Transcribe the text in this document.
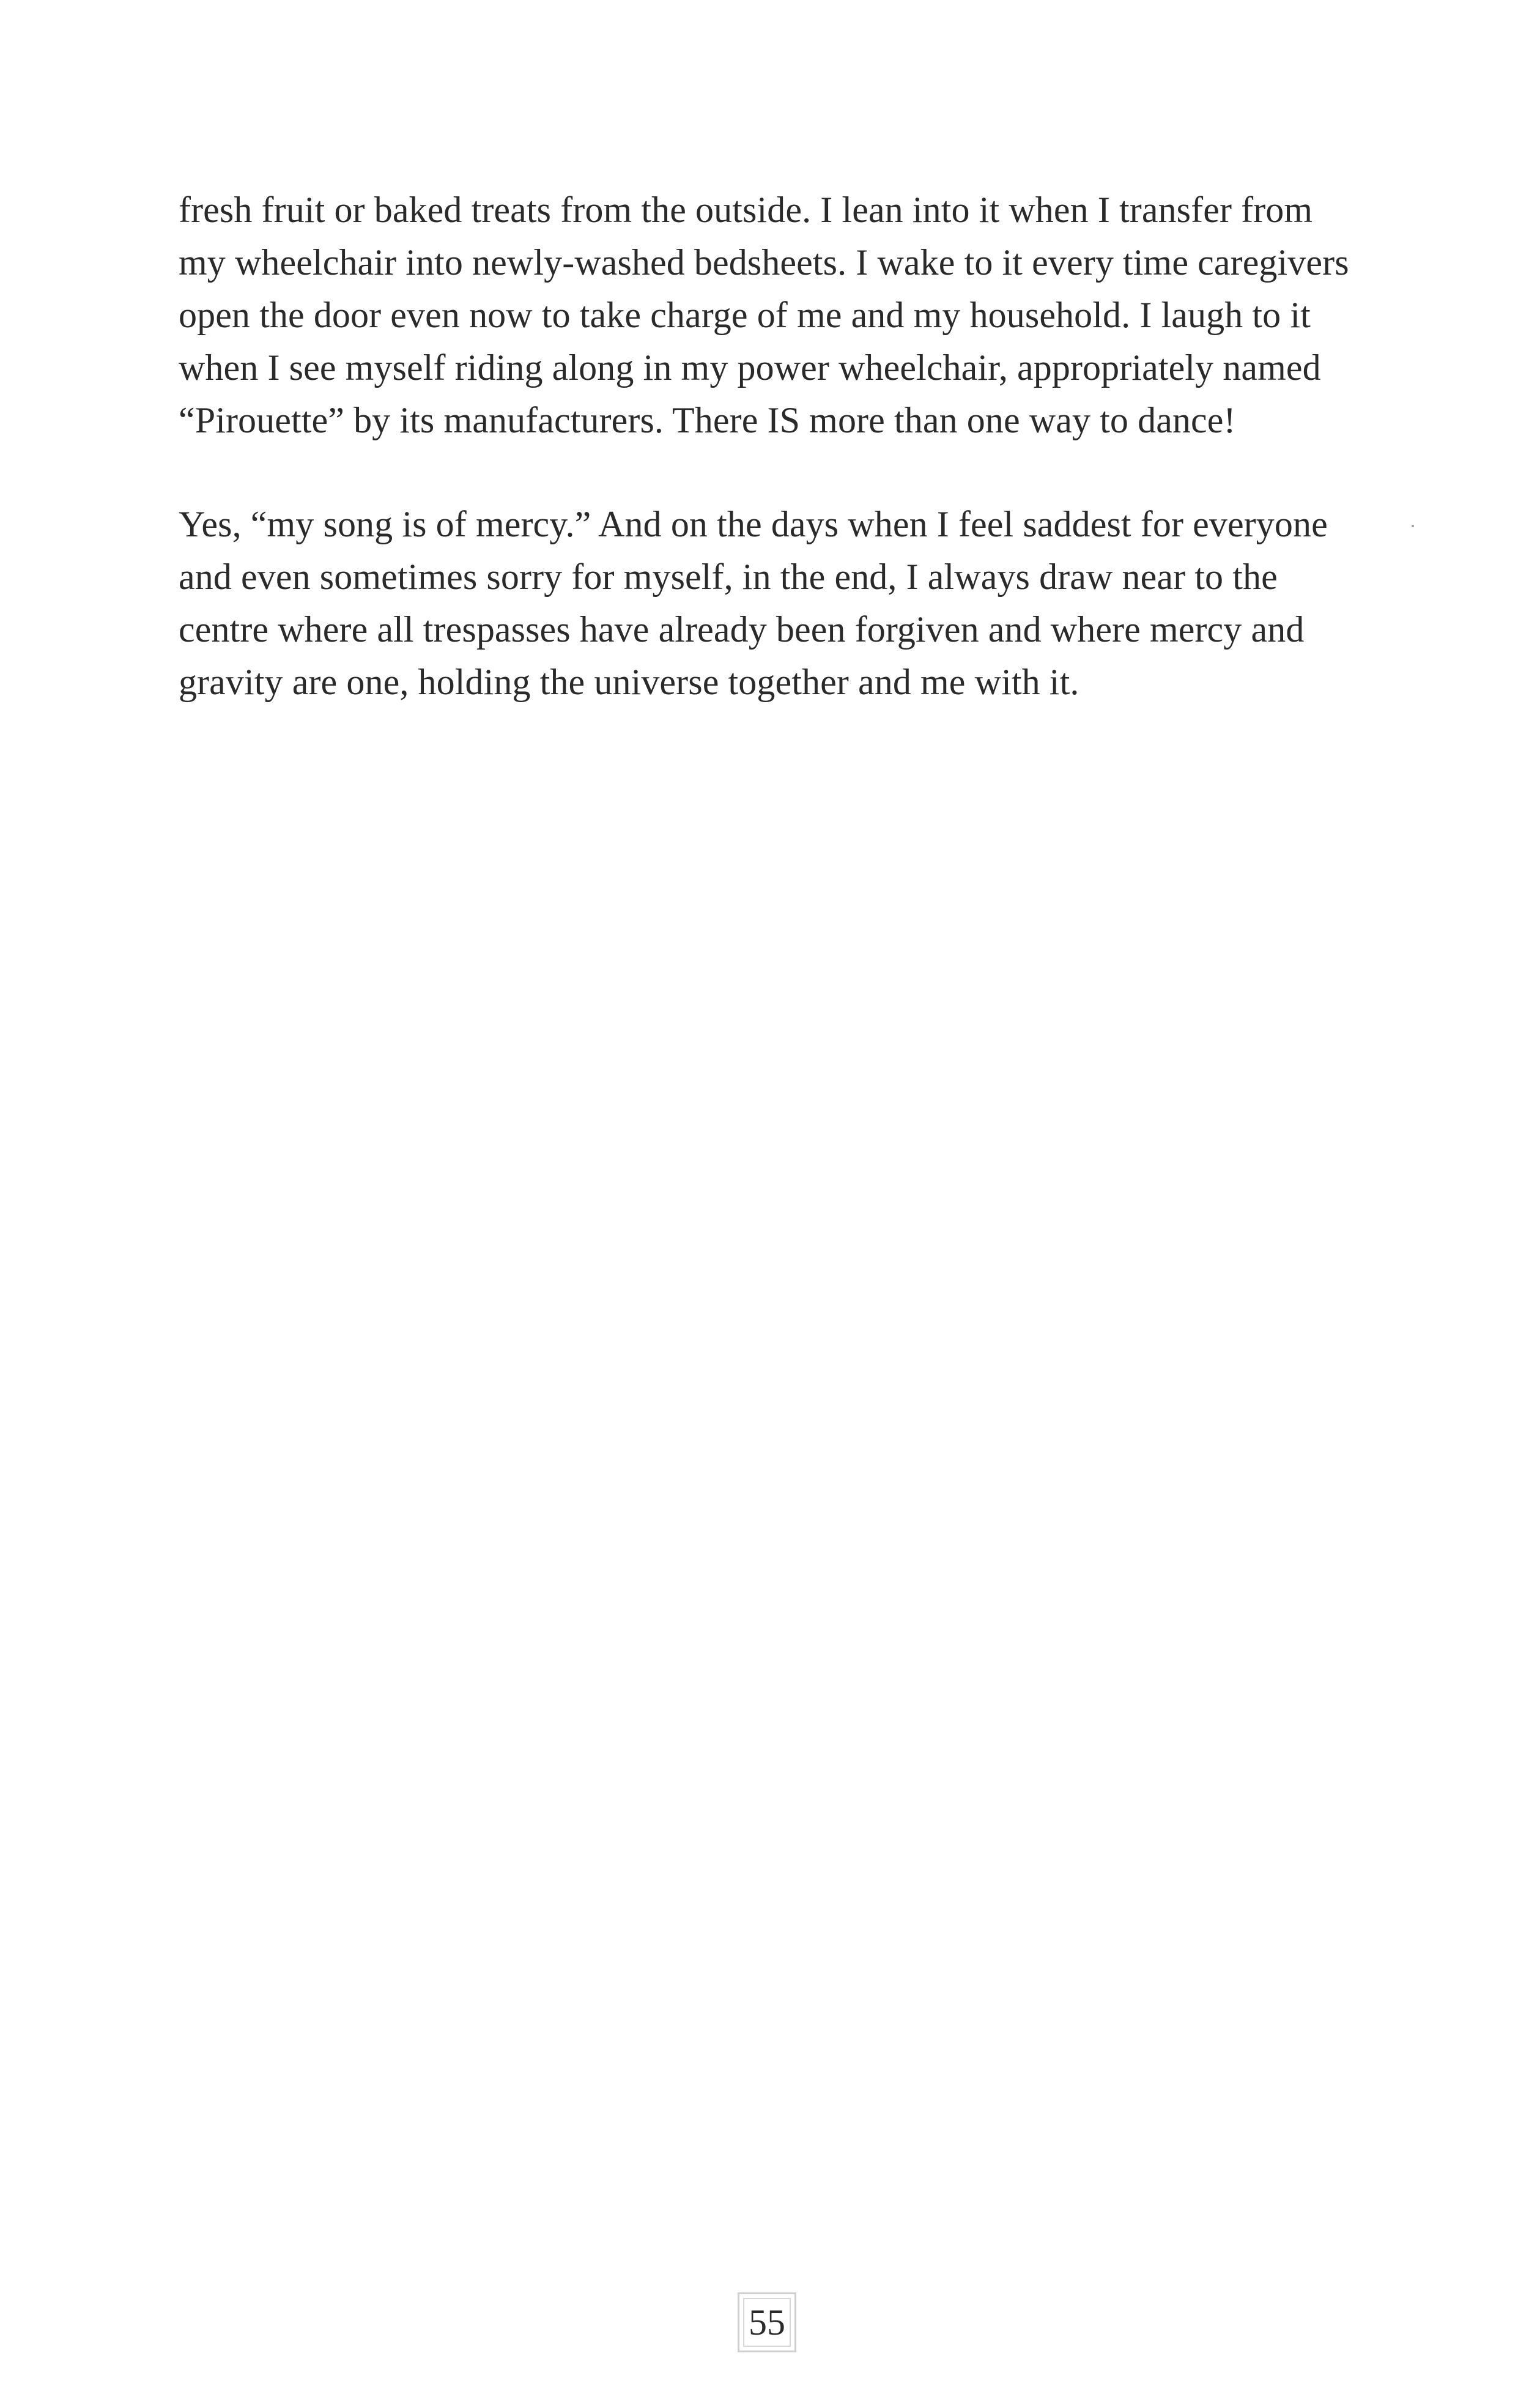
fresh fruit or baked treats from the outside. I lean into it when I transfer from
my wheelchair into newly-washed bedsheets. I wake to it every time caregivers
open the door even now to take charge of me and my household. I laugh to it
when I see myself riding along in my power wheelchair, appropriately named
“Pirouette” by its manufacturers. There IS more than one way to dance!
Yes, “my song is of mercy.” And on the days when I feel saddest for everyone
and even sometimes sorry for myself, in the end, I always draw near to the
centre where all trespasses have already been forgiven and where mercy and
gravity are one, holding the universe together and me with it.
55
